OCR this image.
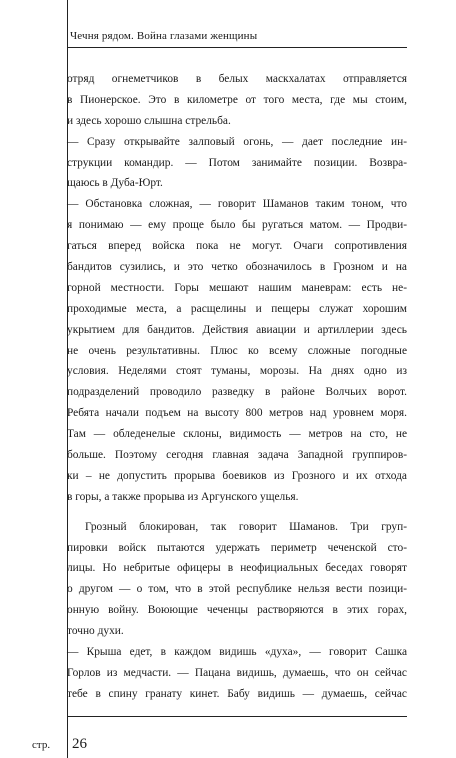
Чечня рядом. Война глазами женщины
отряд огнеметчиков в белых маскхалатах отправляется
в Пионерское. Это в километре от того места, где мы стоим,
и здесь хорошо слышна стрельба.
— Сразу открывайте залповый огонь, — дает последние ин-
струкции командир. — Потом занимайте позиции. Возвра-
щаюсь в Дуба-Юрт.
— Обстановка сложная, — говорит Шаманов таким тоном, что
я понимаю — ему проще было бы ругаться матом. — Продви-
гаться вперед войска пока не могут. Очаги сопротивления
бандитов сузились, и это четко обозначилось в Грозном и на
горной местности. Горы мешают нашим маневрам: есть не-
проходимые места, а расщелины и пещеры служат хорошим
укрытием для бандитов. Действия авиации и артиллерии здесь
не очень результативны. Плюс ко всему сложные погодные
условия. Неделями стоят туманы, морозы. На днях одно из
подразделений проводило разведку в районе Волчьих ворот.
Ребята начали подъем на высоту 800 метров над уровнем моря.
Там — обледенелые склоны, видимость — метров на сто, не
больше. Поэтому сегодня главная задача Западной группиров-
ки – не допустить прорыва боевиков из Грозного и их отхода
в горы, а также прорыва из Аргунского ущелья.
Грозный блокирован, так говорит Шаманов. Три груп-
пировки войск пытаются удержать периметр чеченской сто-
лицы. Но небритые офицеры в неофициальных беседах говорят
о другом — о том, что в этой республике нельзя вести позици-
онную войну. Воюющие чеченцы растворяются в этих горах,
точно духи.
— Крыша едет, в каждом видишь «духа», — говорит Сашка
Горлов из медчасти. — Пацана видишь, думаешь, что он сейчас
тебе в спину гранату кинет. Бабу видишь — думаешь, сейчас
стр. 26
